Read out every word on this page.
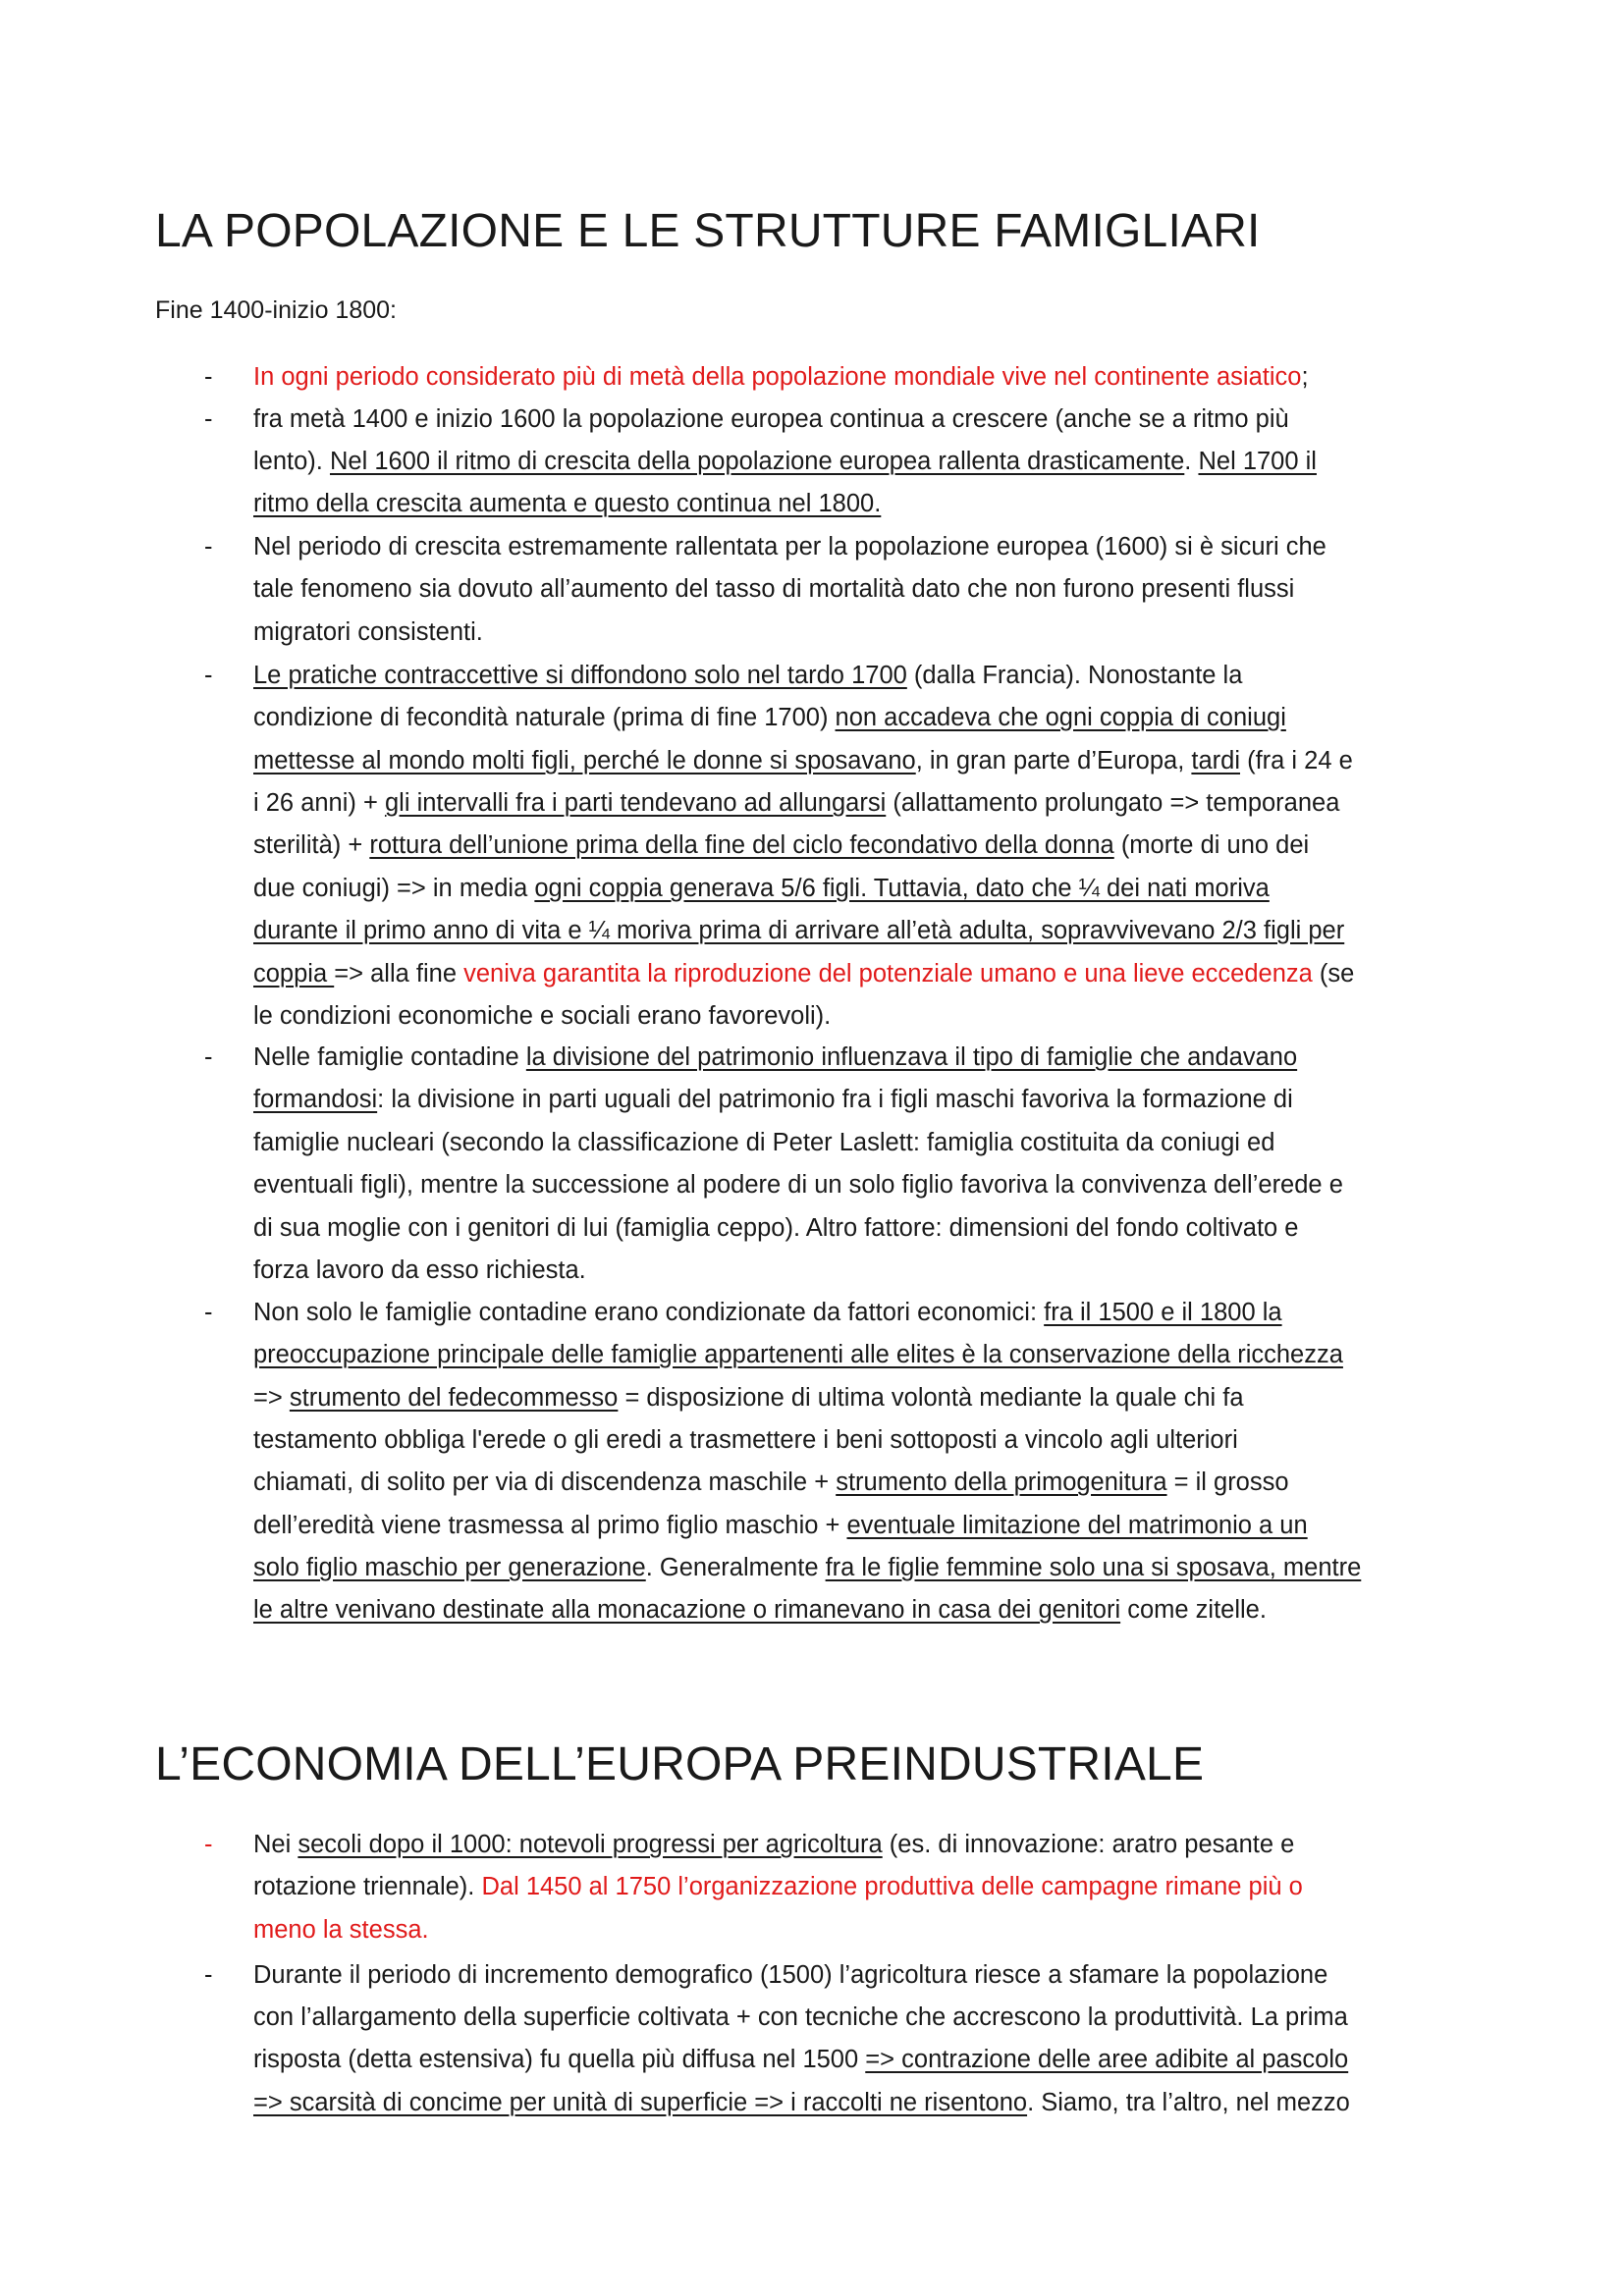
LA POPOLAZIONE E LE STRUTTURE FAMIGLIARI

Fine 1400-inizio 1800:

-
-
-
-
-
-
-
-
L’ECONOMIA DELL’EUROPA PREINDUSTRIALE
In ogni periodo considerato più di metà della popolazione mondiale vive nel continente asiatico;
fra metà 1400 e inizio 1600 la popolazione europea continua a crescere (anche se a ritmo più
lento). Nel 1600 il ritmo di crescita della popolazione europea rallenta drasticamente. Nel 1700 il
ritmo della crescita aumenta e questo continua nel 1800.
Nel periodo di crescita estremamente rallentata per la popolazione europea (1600) si è sicuri che
tale fenomeno sia dovuto all’aumento del tasso di mortalità dato che non furono presenti flussi
migratori consistenti.
Le pratiche contraccettive si diffondono solo nel tardo 1700 (dalla Francia). Nonostante la
condizione di fecondità naturale (prima di fine 1700) non accadeva che ogni coppia di coniugi
mettesse al mondo molti figli, perché le donne si sposavano, in gran parte d’Europa, tardi (fra i 24 e
i 26 anni) + gli intervalli fra i parti tendevano ad allungarsi (allattamento prolungato => temporanea
sterilità) + rottura dell’unione prima della fine del ciclo fecondativo della donna (morte di uno dei
due coniugi) => in media ogni coppia generava 5/6 figli. Tuttavia, dato che ¼ dei nati moriva
durante il primo anno di vita e ¼ moriva prima di arrivare all’età adulta, sopravvivevano 2/3 figli per
coppia => alla fine veniva garantita la riproduzione del potenziale umano e una lieve eccedenza (se
le condizioni economiche e sociali erano favorevoli).
Nelle famiglie contadine la divisione del patrimonio influenzava il tipo di famiglie che andavano
formandosi: la divisione in parti uguali del patrimonio fra i figli maschi favoriva la formazione di
famiglie nucleari (secondo la classificazione di Peter Laslett: famiglia costituita da coniugi ed
eventuali figli), mentre la successione al podere di un solo figlio favoriva la convivenza dell’erede e
di sua moglie con i genitori di lui (famiglia ceppo). Altro fattore: dimensioni del fondo coltivato e
forza lavoro da esso richiesta.
Non solo le famiglie contadine erano condizionate da fattori economici: fra il 1500 e il 1800 la
preoccupazione principale delle famiglie appartenenti alle elites è la conservazione della ricchezza
=> strumento del fedecommesso = disposizione di ultima volontà mediante la quale chi fa
testamento obbliga l'erede o gli eredi a trasmettere i beni sottoposti a vincolo agli ulteriori
chiamati, di solito per via di discendenza maschile + strumento della primogenitura = il grosso
dell’eredità viene trasmessa al primo figlio maschio + eventuale limitazione del matrimonio a un
solo figlio maschio per generazione. Generalmente fra le figlie femmine solo una si sposava, mentre
le altre venivano destinate alla monacazione o rimanevano in casa dei genitori come zitelle.
Nei secoli dopo il 1000: notevoli progressi per agricoltura (es. di innovazione: aratro pesante e
rotazione triennale). Dal 1450 al 1750 l’organizzazione produttiva delle campagne rimane più o
meno la stessa.
Durante il periodo di incremento demografico (1500) l’agricoltura riesce a sfamare la popolazione
con l’allargamento della superficie coltivata + con tecniche che accrescono la produttività. La prima
risposta (detta estensiva) fu quella più diffusa nel 1500 => contrazione delle aree adibite al pascolo
=> scarsità di concime per unità di superficie => i raccolti ne risentono. Siamo, tra l’altro, nel mezzo
